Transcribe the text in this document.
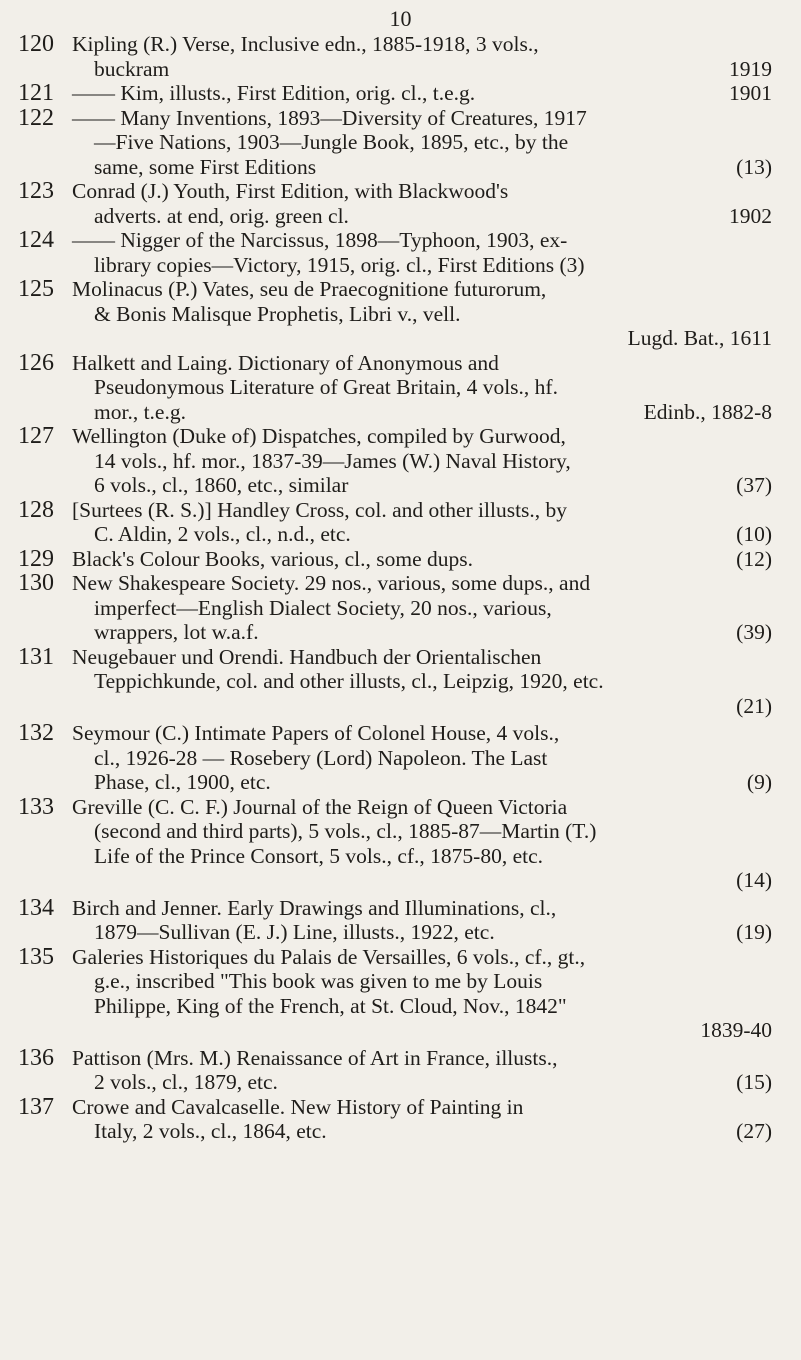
10
120 Kipling (R.) Verse, Inclusive edn., 1885-1918, 3 vols.,
buckram	1919
121 —— Kim, illusts., First Edition, orig. cl., t.e.g.	1901
122 —— Many Inventions, 1893—Diversity of Creatures, 1917
—Five Nations, 1903—Jungle Book, 1895, etc., by the
same, some First Editions	(13)
123 Conrad (J.) Youth, First Edition, with Blackwood's
adverts. at end, orig. green cl.	1902
124 —— Nigger of the Narcissus, 1898—Typhoon, 1903, ex-
library copies—Victory, 1915, orig. cl., First Editions (3)
125 Molinacus (P.) Vates, seu de Praecognitione futurorum,
& Bonis Malisque Prophetis, Libri v., vell.
Lugd. Bat., 1611
126 Halkett and Laing. Dictionary of Anonymous and
Pseudonymous Literature of Great Britain, 4 vols., hf.
mor., t.e.g.	Edinb., 1882-8
127 Wellington (Duke of) Dispatches, compiled by Gurwood,
14 vols., hf. mor., 1837-39—James (W.) Naval History,
6 vols., cl., 1860, etc., similar	(37)
128 [Surtees (R. S.)] Handley Cross, col. and other illusts., by
C. Aldin, 2 vols., cl., n.d., etc.	(10)
129 Black's Colour Books, various, cl., some dups.	(12)
130 New Shakespeare Society. 29 nos., various, some dups., and
imperfect—English Dialect Society, 20 nos., various,
wrappers, lot w.a.f.	(39)
131 Neugebauer und Orendi. Handbuch der Orientalischen
Teppichkunde, col. and other illusts, cl., Leipzig, 1920, etc.
(21)
132 Seymour (C.) Intimate Papers of Colonel House, 4 vols.,
cl., 1926-28 — Rosebery (Lord) Napoleon. The Last
Phase, cl., 1900, etc.	(9)
133 Greville (C. C. F.) Journal of the Reign of Queen Victoria
(second and third parts), 5 vols., cl., 1885-87—Martin (T.)
Life of the Prince Consort, 5 vols., cf., 1875-80, etc.
(14)
134 Birch and Jenner. Early Drawings and Illuminations, cl.,
1879—Sullivan (E. J.) Line, illusts., 1922, etc.	(19)
135 Galeries Historiques du Palais de Versailles, 6 vols., cf., gt.,
g.e., inscribed "This book was given to me by Louis
Philippe, King of the French, at St. Cloud, Nov., 1842"
1839-40
136 Pattison (Mrs. M.) Renaissance of Art in France, illusts.,
2 vols., cl., 1879, etc.	(15)
137 Crowe and Cavalcaselle. New History of Painting in
Italy, 2 vols., cl., 1864, etc.	(27)
